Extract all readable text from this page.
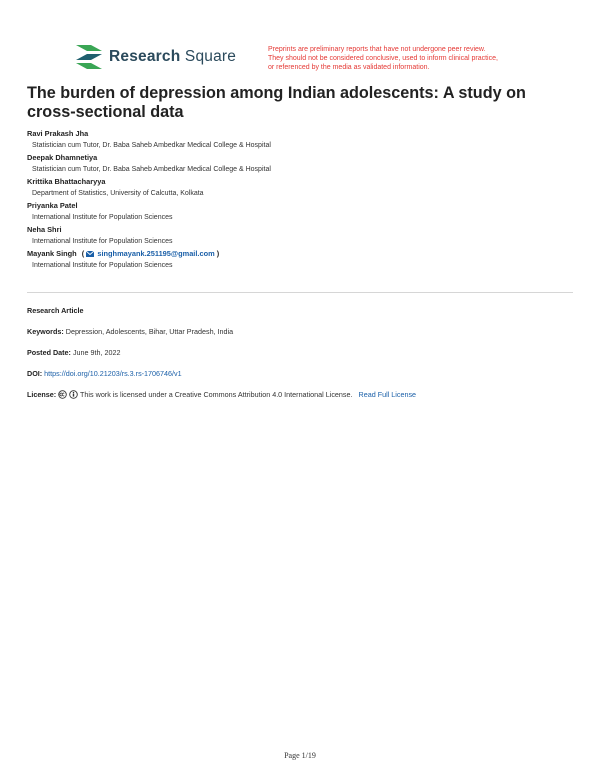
Research Square	Preprints are preliminary reports that have not undergone peer review.
They should not be considered conclusive, used to inform clinical practice,
or referenced by the media as validated information.
The burden of depression among Indian adolescents: A study on cross-sectional data
Ravi Prakash Jha
Statistician cum Tutor, Dr. Baba Saheb Ambedkar Medical College & Hospital
Deepak Dhamnetiya
Statistician cum Tutor, Dr. Baba Saheb Ambedkar Medical College & Hospital
Krittika Bhattacharyya
Department of Statistics, University of Calcutta, Kolkata
Priyanka Patel
International Institute for Population Sciences
Neha Shri
International Institute for Population Sciences
Mayank Singh ( singhmayank.251195@gmail.com )
International Institute for Population Sciences
Research Article
Keywords: Depression, Adolescents, Bihar, Uttar Pradesh, India
Posted Date: June 9th, 2022
DOI: https://doi.org/10.21203/rs.3.rs-1706746/v1
License:	This work is licensed under a Creative Commons Attribution 4.0 International License. Read Full License
Page 1/19
